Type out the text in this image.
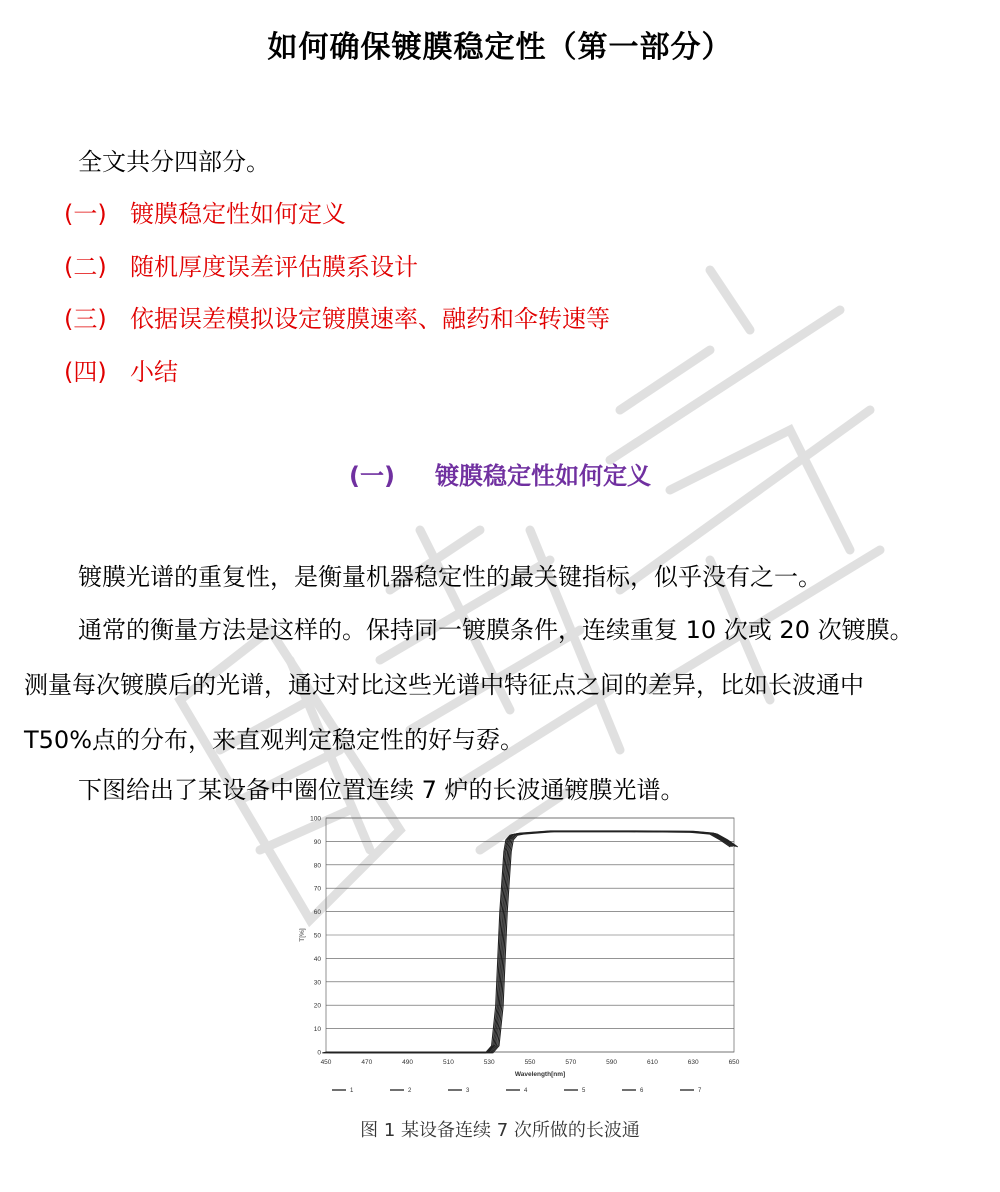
如何确保镀膜稳定性（第一部分）
全文共分四部分。
(一) 镀膜稳定性如何定义
(二) 随机厚度误差评估膜系设计
(三) 依据误差模拟设定镀膜速率、融药和伞转速等
(四) 小结
(一) 镀膜稳定性如何定义

镀膜光谱的重复性，是衡量机器稳定性的最关键指标，似乎没有之一。

通常的衡量方法是这样的。保持同一镀膜条件，连续重复 10 次或 20 次镀膜。
测量每次镀膜后的光谱，通过对比这些光谱中特征点之间的差异，比如长波通中
T50%点的分布，来直观判定稳定性的好与孬。

下图给出了某设备中圈位置连续 7 炉的长波通镀膜光谱。

0
10
20
30
40
50
60
70
80
90
100
450	470	490	510	530	550	570	590	610	630	650
Wavelength[nm]
T[%]
1	2	3	4	5	6	7
图 1 某设备连续 7 次所做的长波通
